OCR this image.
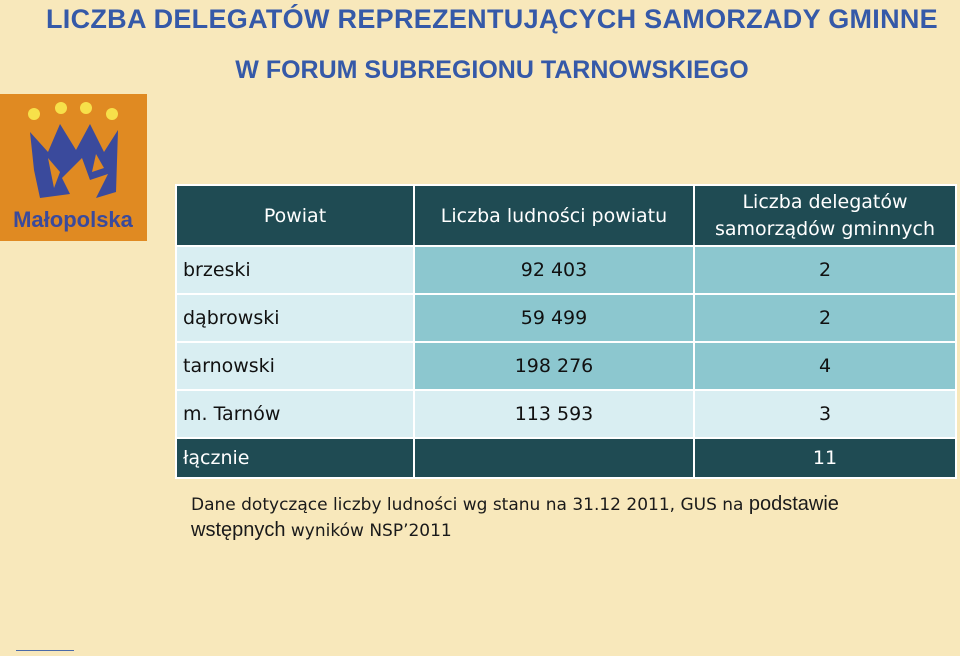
LICZBA DELEGATÓW REPREZENTUJĄCYCH SAMORZADY GMINNE
W FORUM SUBREGIONU TARNOWSKIEGO
Małopolska	Powiat	Liczba ludności powiatu	Liczba delegatów
samorządów gminnych

brzeski	92 403	2
dąbrowski	59 499	2
tarnowski	198 276	4
m. Tarnów	113 593	3
łącznie		11
Dane dotyczące liczby ludności wg stanu na 31.12 2011, GUS na podstawie
wstępnych wyników NSP’2011
